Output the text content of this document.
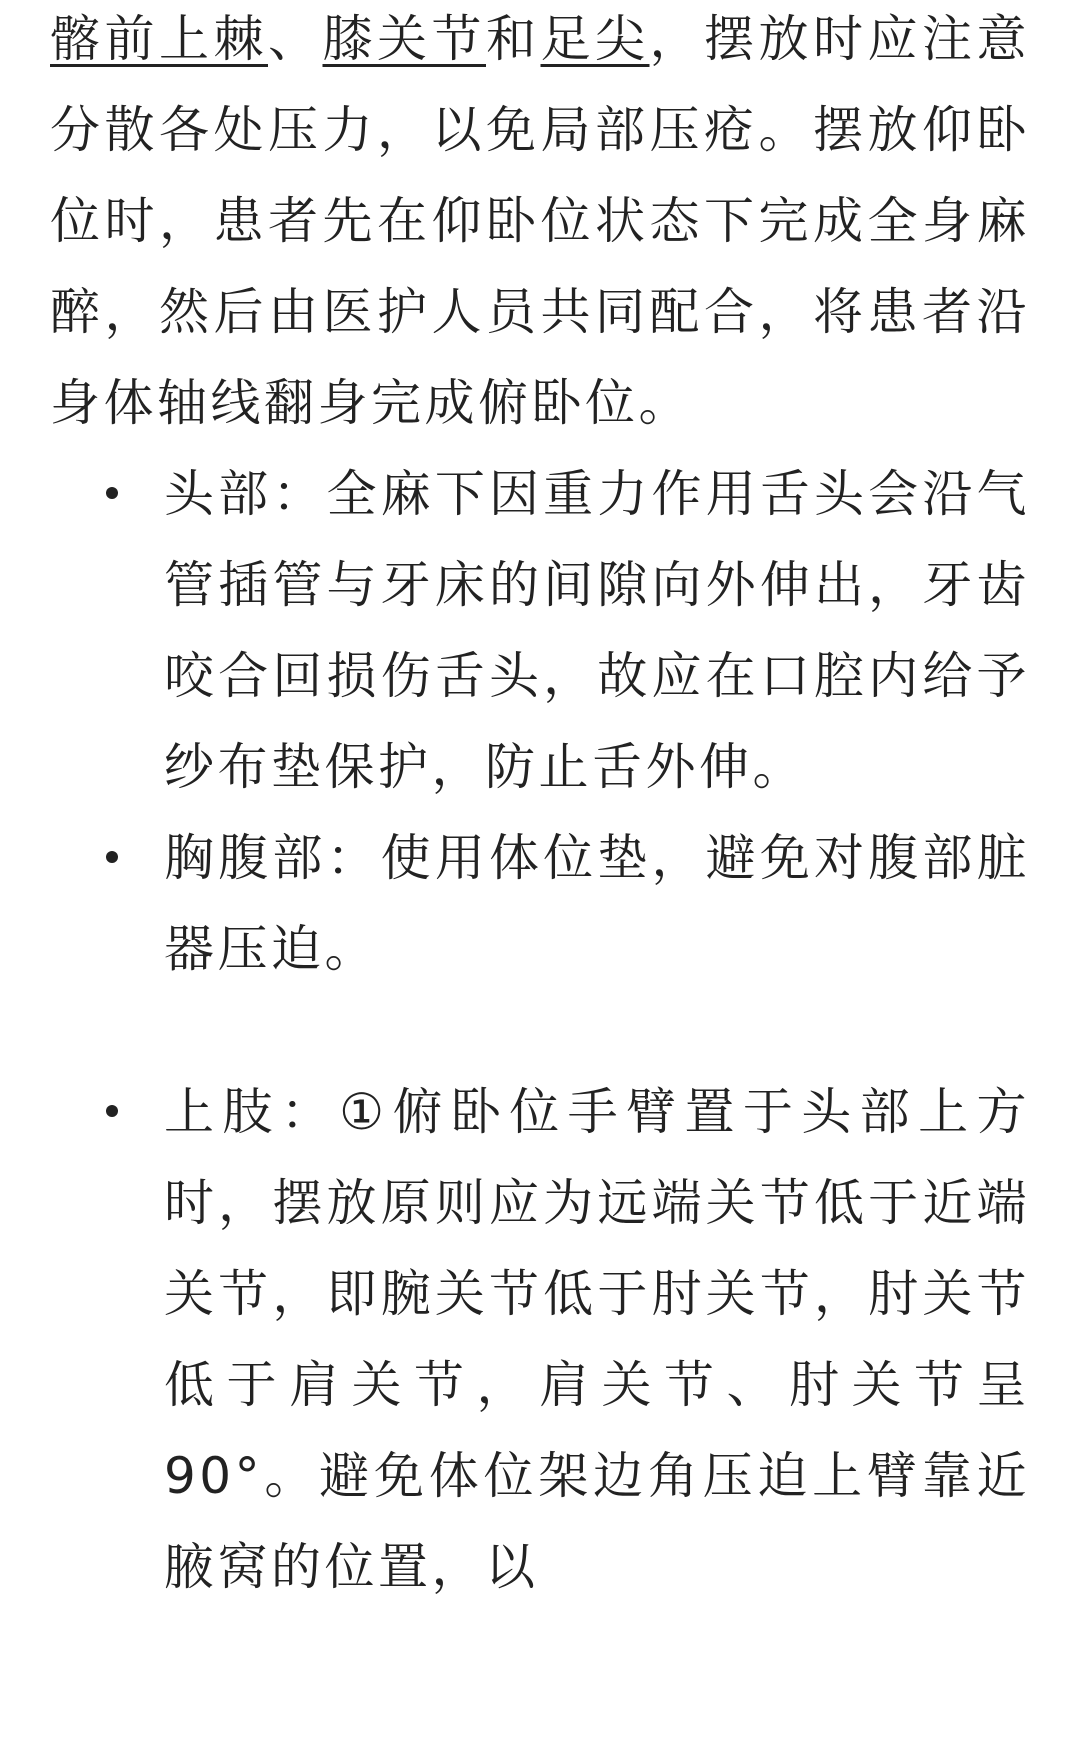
髂前上棘、膝关节和足尖，摆放时应注意分散各处压力，以免局部压疮。摆放仰卧位时，患者先在仰卧位状态下完成全身麻醉，然后由医护人员共同配合，将患者沿身体轴线翻身完成俯卧位。

头部：全麻下因重力作用舌头会沿气管插管与牙床的间隙向外伸出，牙齿咬合回损伤舌头，故应在口腔内给予纱布垫保护，防止舌外伸。
胸腹部：使用体位垫，避免对腹部脏器压迫。
上肢：①俯卧位手臂置于头部上方时，摆放原则应为远端关节低于近端关节，即腕关节低于肘关节，肘关节低于肩关节，肩关节、肘关节呈90°。避免体位架边角压迫上臂靠近腋窝的位置，以
